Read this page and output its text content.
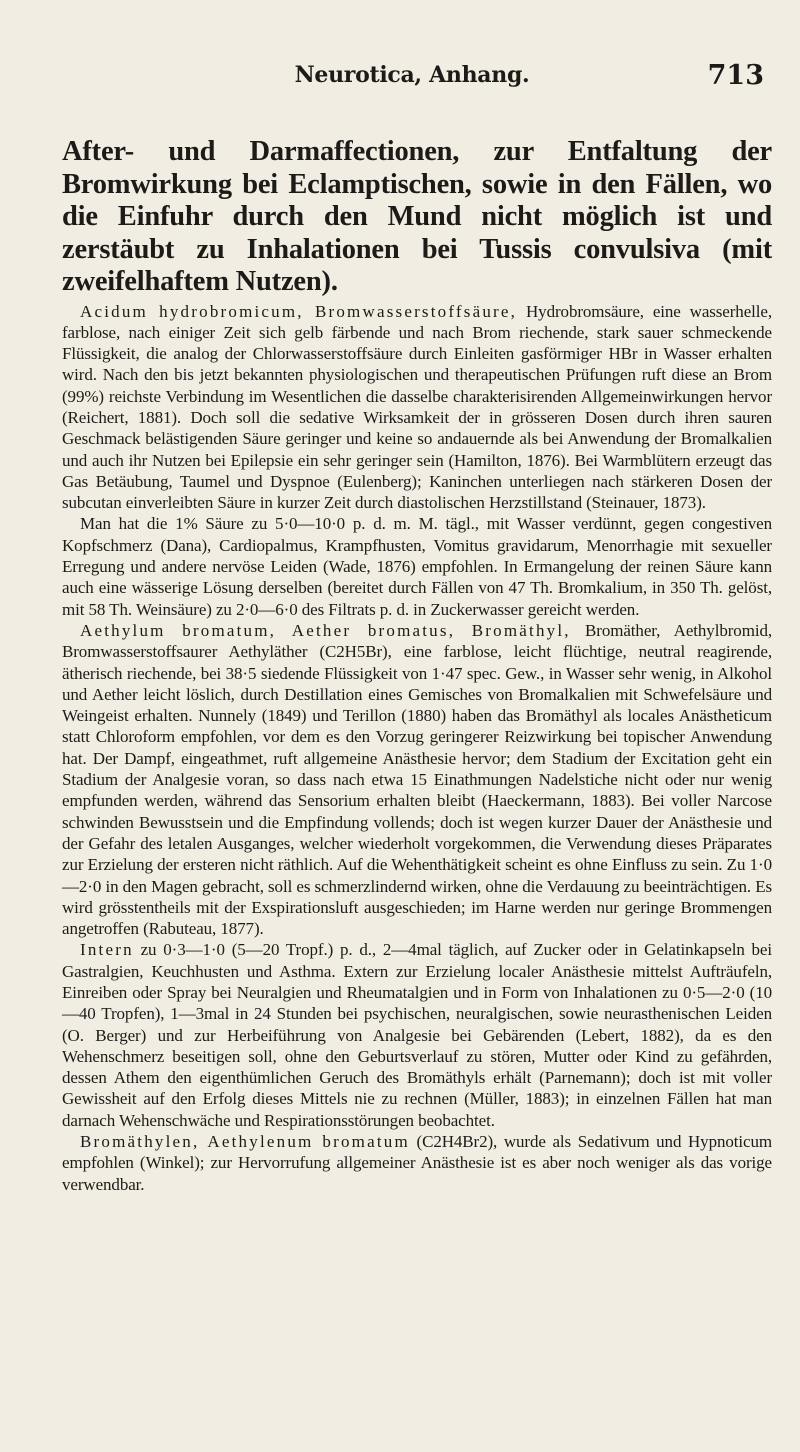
Neurotica, Anhang.	713

After- und Darmaffectionen, zur Entfaltung der Bromwirkung bei Eclamptischen, sowie in den Fällen, wo die Einfuhr durch den Mund nicht möglich ist und zerstäubt zu Inhalationen bei Tussis convulsiva (mit zweifelhaftem Nutzen).

Acidum hydrobromicum, Bromwasserstoffsäure, Hydrobromsäure, eine wasserhelle, farblose, nach einiger Zeit sich gelb färbende und nach Brom riechende, stark sauer schmeckende Flüssigkeit, die analog der Chlorwasserstoffsäure durch Einleiten gasförmiger HBr in Wasser erhalten wird. Nach den bis jetzt bekannten physiologischen und therapeutischen Prüfungen ruft diese an Brom (99%) reichste Verbindung im Wesentlichen die dasselbe charakterisirenden Allgemeinwirkungen hervor (Reichert, 1881). Doch soll die sedative Wirksamkeit der in grösseren Dosen durch ihren sauren Geschmack belästigenden Säure geringer und keine so andauernde als bei Anwendung der Bromalkalien und auch ihr Nutzen bei Epilepsie ein sehr geringer sein (Hamilton, 1876). Bei Warmblütern erzeugt das Gas Betäubung, Taumel und Dyspnoe (Eulenberg); Kaninchen unterliegen nach stärkeren Dosen der subcutan einverleibten Säure in kurzer Zeit durch diastolischen Herzstillstand (Steinauer, 1873).

Man hat die 1% Säure zu 5·0—10·0 p. d. m. M. tägl., mit Wasser verdünnt, gegen congestiven Kopfschmerz (Dana), Cardiopalmus, Krampfhusten, Vomitus gravidarum, Menorrhagie mit sexueller Erregung und andere nervöse Leiden (Wade, 1876) empfohlen. In Ermangelung der reinen Säure kann auch eine wässerige Lösung derselben (bereitet durch Fällen von 47 Th. Bromkalium, in 350 Th. gelöst, mit 58 Th. Weinsäure) zu 2·0—6·0 des Filtrats p. d. in Zuckerwasser gereicht werden.

Aethylum bromatum, Aether bromatus, Bromäthyl, Bromäther, Aethylbromid, Bromwasserstoffsaurer Aethyläther (C2H5Br), eine farblose, leicht flüchtige, neutral reagirende, ätherisch riechende, bei 38·5 siedende Flüssigkeit von 1·47 spec. Gew., in Wasser sehr wenig, in Alkohol und Aether leicht löslich, durch Destillation eines Gemisches von Bromalkalien mit Schwefelsäure und Weingeist erhalten. Nunnely (1849) und Terillon (1880) haben das Bromäthyl als locales Anästheticum statt Chloroform empfohlen, vor dem es den Vorzug geringerer Reizwirkung bei topischer Anwendung hat. Der Dampf, eingeathmet, ruft allgemeine Anästhesie hervor; dem Stadium der Excitation geht ein Stadium der Analgesie voran, so dass nach etwa 15 Einathmungen Nadelstiche nicht oder nur wenig empfunden werden, während das Sensorium erhalten bleibt (Haeckermann, 1883). Bei voller Narcose schwinden Bewusstsein und die Empfindung vollends; doch ist wegen kurzer Dauer der Anästhesie und der Gefahr des letalen Ausganges, welcher wiederholt vorgekommen, die Verwendung dieses Präparates zur Erzielung der ersteren nicht räthlich. Auf die Wehenthätigkeit scheint es ohne Einfluss zu sein. Zu 1·0—2·0 in den Magen gebracht, soll es schmerzlindernd wirken, ohne die Verdauung zu beeinträchtigen. Es wird grösstentheils mit der Exspirationsluft ausgeschieden; im Harne werden nur geringe Brommengen angetroffen (Rabuteau, 1877).

Intern zu 0·3—1·0 (5—20 Tropf.) p. d., 2—4mal täglich, auf Zucker oder in Gelatinkapseln bei Gastralgien, Keuchhusten und Asthma. Extern zur Erzielung localer Anästhesie mittelst Aufträufeln, Einreiben oder Spray bei Neuralgien und Rheumatalgien und in Form von Inhalationen zu 0·5—2·0 (10—40 Tropfen), 1—3mal in 24 Stunden bei psychischen, neuralgischen, sowie neurasthenischen Leiden (O. Berger) und zur Herbeiführung von Analgesie bei Gebärenden (Lebert, 1882), da es den Wehenschmerz beseitigen soll, ohne den Geburtsverlauf zu stören, Mutter oder Kind zu gefährden, dessen Athem den eigenthümlichen Geruch des Bromäthyls erhält (Parnemann); doch ist mit voller Gewissheit auf den Erfolg dieses Mittels nie zu rechnen (Müller, 1883); in einzelnen Fällen hat man darnach Wehenschwäche und Respirationsstörungen beobachtet.

Bromäthylen, Aethylenum bromatum (C2H4Br2), wurde als Sedativum und Hypnoticum empfohlen (Winkel); zur Hervorrufung allgemeiner Anästhesie ist es aber noch weniger als das vorige verwendbar.
